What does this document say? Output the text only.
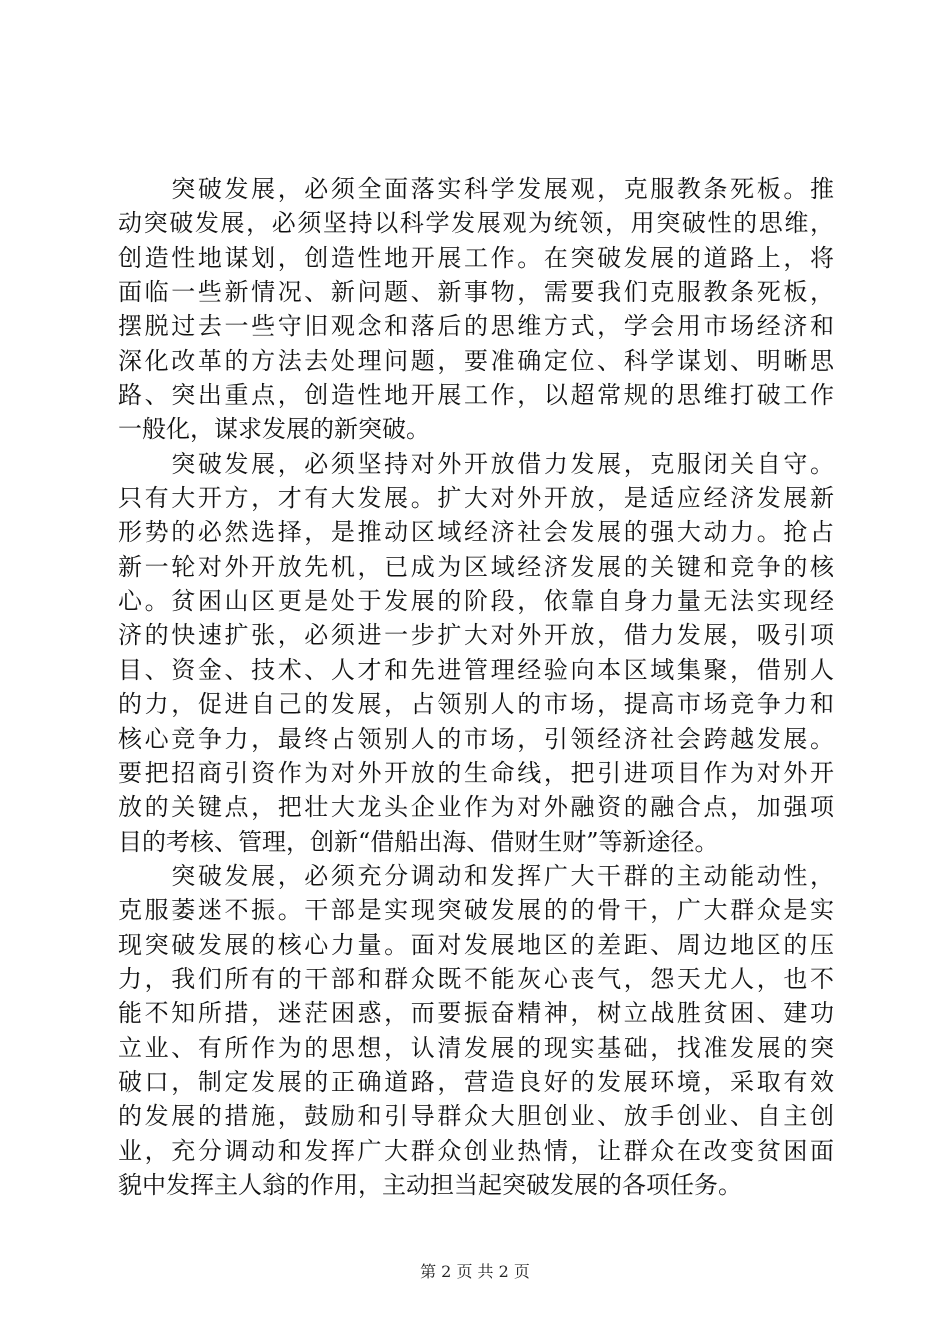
　　突破发展，必须全面落实科学发展观，克服教条死板。推
动突破发展，必须坚持以科学发展观为统领，用突破性的思维，
创造性地谋划，创造性地开展工作。在突破发展的道路上，将
面临一些新情况、新问题、新事物，需要我们克服教条死板，
摆脱过去一些守旧观念和落后的思维方式，学会用市场经济和
深化改革的方法去处理问题，要准确定位、科学谋划、明晰思
路、突出重点，创造性地开展工作，以超常规的思维打破工作
一般化，谋求发展的新突破。
　　突破发展，必须坚持对外开放借力发展，克服闭关自守。
只有大开方，才有大发展。扩大对外开放，是适应经济发展新
形势的必然选择，是推动区域经济社会发展的强大动力。抢占
新一轮对外开放先机，已成为区域经济发展的关键和竞争的核
心。贫困山区更是处于发展的阶段，依靠自身力量无法实现经
济的快速扩张，必须进一步扩大对外开放，借力发展，吸引项
目、资金、技术、人才和先进管理经验向本区域集聚，借别人
的力，促进自己的发展，占领别人的市场，提高市场竞争力和
核心竞争力，最终占领别人的市场，引领经济社会跨越发展。
要把招商引资作为对外开放的生命线，把引进项目作为对外开
放的关键点，把壮大龙头企业作为对外融资的融合点，加强项
目的考核、管理，创新“借船出海、借财生财”等新途径。
　　突破发展，必须充分调动和发挥广大干群的主动能动性，
克服萎迷不振。干部是实现突破发展的的骨干，广大群众是实
现突破发展的核心力量。面对发展地区的差距、周边地区的压
力，我们所有的干部和群众既不能灰心丧气，怨天尤人，也不
能不知所措，迷茫困惑，而要振奋精神，树立战胜贫困、建功
立业、有所作为的思想，认清发展的现实基础，找准发展的突
破口，制定发展的正确道路，营造良好的发展环境，采取有效
的发展的措施，鼓励和引导群众大胆创业、放手创业、自主创
业，充分调动和发挥广大群众创业热情，让群众在改变贫困面
貌中发挥主人翁的作用，主动担当起突破发展的各项任务。
第 2 页 共 2 页
